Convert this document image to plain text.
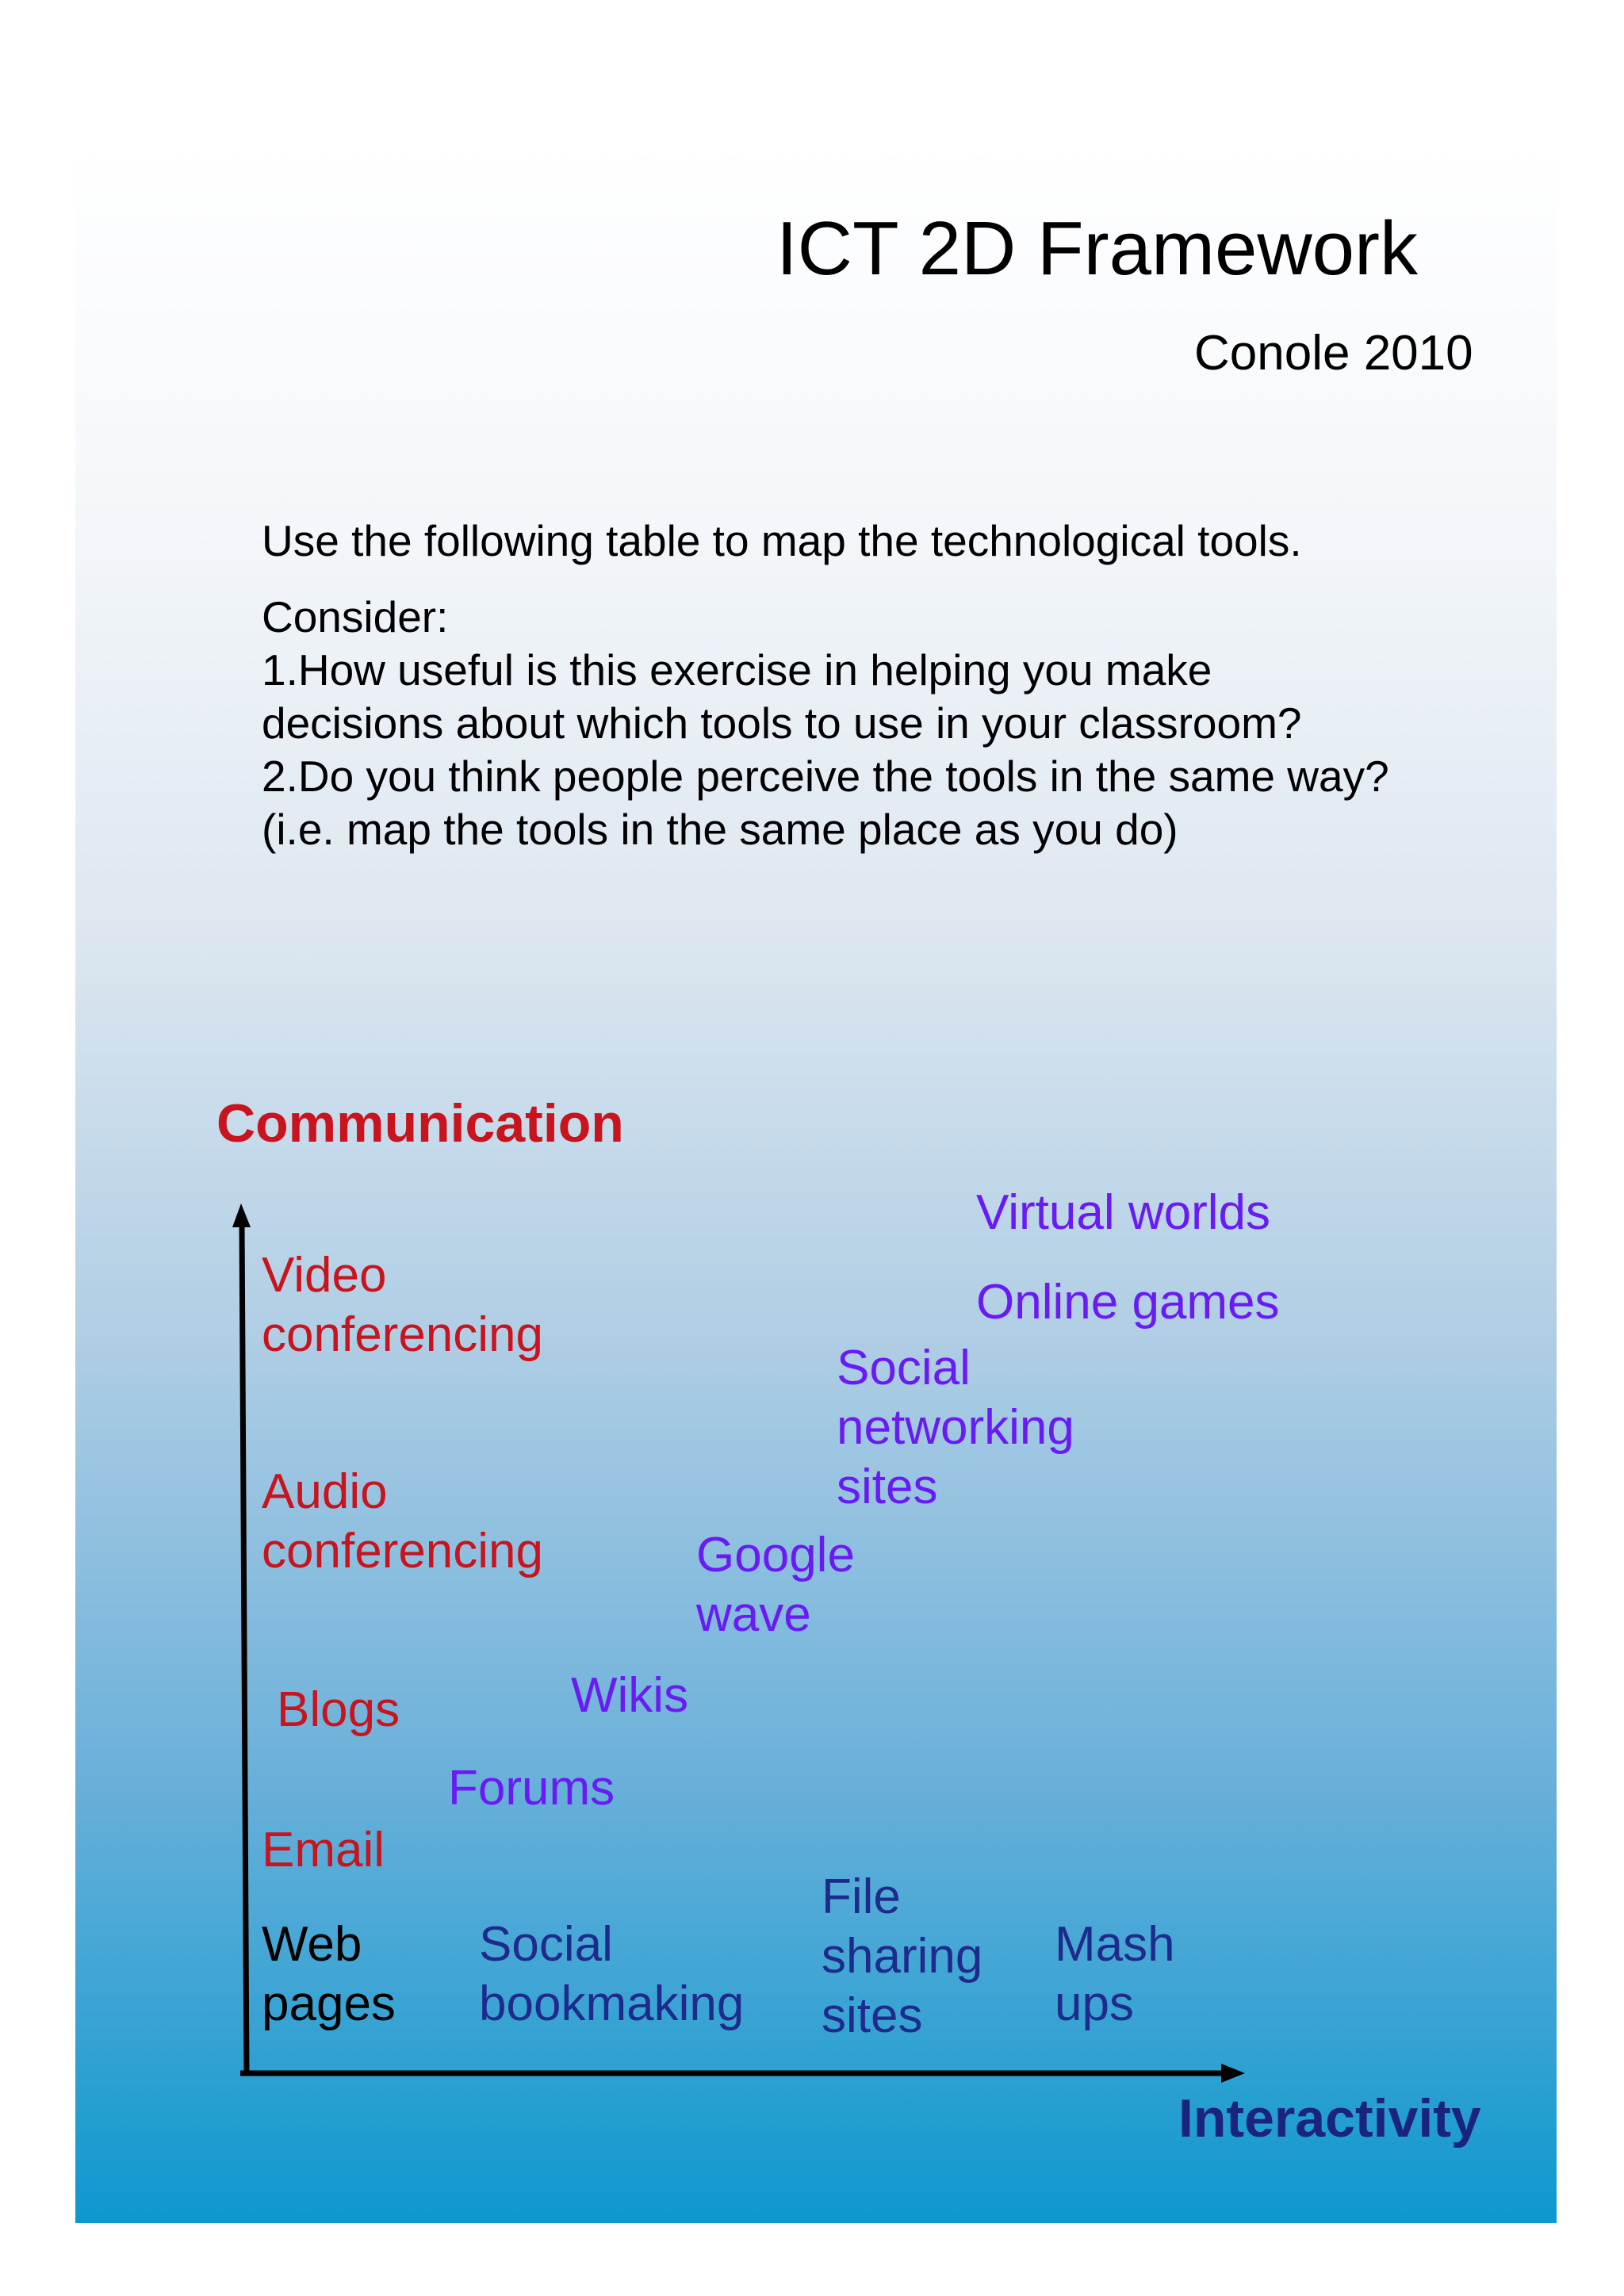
ICT 2D Framework
Conole 2010
Use the following table to map the technological tools.
Consider:
1.How useful is this exercise in helping you make
decisions about which tools to use in your classroom?
2.Do you think people perceive the tools in the same way?
(i.e. map the tools in the same place as you do)
Communication
Interactivity
Virtual worlds
Online games
Video
conferencing
Social
networking
sites
Audio
conferencing	Google
wave
Wikis
Blogs
Forums
Email
File
sharing
sites
Web
pages
Social
bookmaking
Mash
ups
